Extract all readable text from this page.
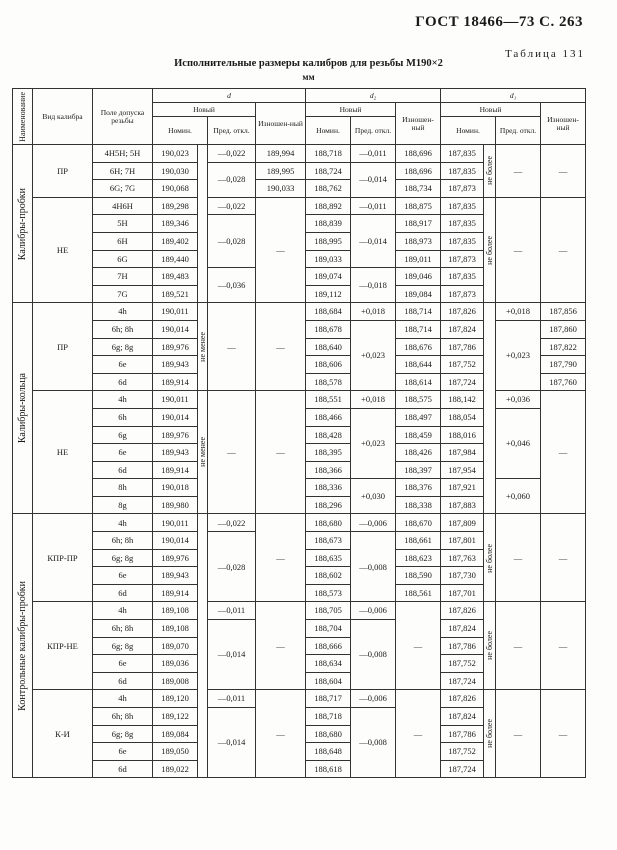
ГОСТ 18466—73 С. 263
Таблица 131
Исполнительные размеры калибров для резьбы М190×2
мм
Наименование	Вид калибра	Поле допуска резьбы	d				d₂			d₁			
			Новый			Изношен-ный	Новый		Изношен-ный	Новый			Изношен-ный
			Номин.		Пред. откл.		Номин.	Пред. откл.		Номин.		Пред. откл.	

Калибры-пробки	ПР	4H5H; 5H	190,023		—0,022	189,994	188,718	—0,011	188,696	187,835	не более	—	—
		6H; 7H	190,030		—0,028	189,995	188,724	—0,014	188,696	187,835			
		6G; 7G	190,068			190,033	188,762		188,734	187,873			
	НЕ	4H6H	189,298		—0,022	—	188,892	—0,011	188,875	187,835	не более	—	—
		5H	189,346		—0,028		188,839	—0,014	188,917	187,835			
		6H	189,402				188,995		188,973	187,835			
		6G	189,440				189,033		189,011	187,873			
		7H	189,483		—0,036		189,074	—0,018	189,046	187,835			
		7G	189,521				189,112		189,084	187,873			

Калибры-кольца	ПР	4h	190,011	не менее	—	—	188,684	+0,018	188,714	187,826		+0,018	187,856
		6h; 8h	190,014				188,678	+0,023	188,714	187,824		+0,023	187,860
		6g; 8g	189,976				188,640		188,676	187,786			187,822
		6e	189,943				188,606		188,644	187,752			187,790
		6d	189,914				188,578		188,614	187,724			187,760
	НЕ	4h	190,011	не менее	—	—	188,551	+0,018	188,575	188,142		+0,036	—
		6h	190,014				188,466	+0,023	188,497	188,054		+0,046	
		6g	189,976				188,428		188,459	188,016			
		6e	189,943				188,395		188,426	187,984			
		6d	189,914				188,366		188,397	187,954			
		8h	190,018				188,336	+0,030	188,376	187,921		+0,060	
		8g	189,980				188,296		188,338	187,883			

Контрольные калибры-пробки	КПР-ПР	4h	190,011		—0,022	—	188,680	—0,006	188,670	187,809	не более	—	—
		6h; 8h	190,014		—0,028		188,673	—0,008	188,661	187,801			
		6g; 8g	189,976				188,635		188,623	187,763			
		6e	189,943				188,602		188,590	187,730			
		6d	189,914				188,573		188,561	187,701			
	КПР-НЕ	4h	189,108		—0,011	—	188,705	—0,006	—	187,826	не более	—	—
		6h; 8h	189,108		—0,014		188,704	—0,008		187,824			
		6g; 8g	189,070				188,666			187,786			
		6e	189,036				188,634			187,752			
		6d	189,008				188,604			187,724			
	К-И	4h	189,120		—0,011	—	188,717	—0,006	—	187,826	не более	—	—
		6h; 8h	189,122		—0,014		188,718	—0,008		187,824			
		6g; 8g	189,084				188,680			187,786			
		6e	189,050				188,648			187,752			
		6d	189,022				188,618			187,724			
